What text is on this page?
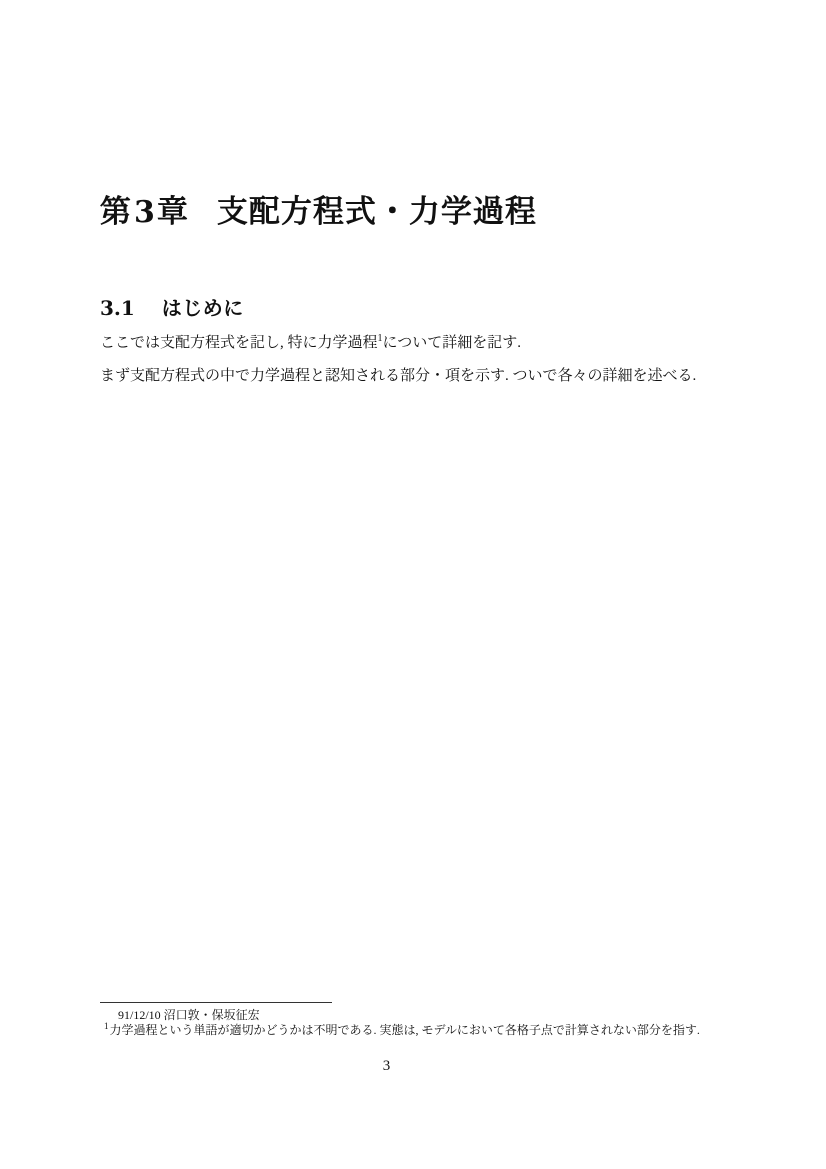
第 3 章 支配方程式・力学過程
3.1 はじめに

ここでは支配方程式を記し, 特に力学過程$^1$について詳細を記す.

まず支配方程式の中で力学過程と認知される部分・項を示す. ついで各々の詳細を述べる.

91/12/10 沼口敦・保坂征宏
$^1$力学過程という単語が適切かどうかは不明である. 実態は, モデルにおいて各格子点で計算されない部分を指す.
3
